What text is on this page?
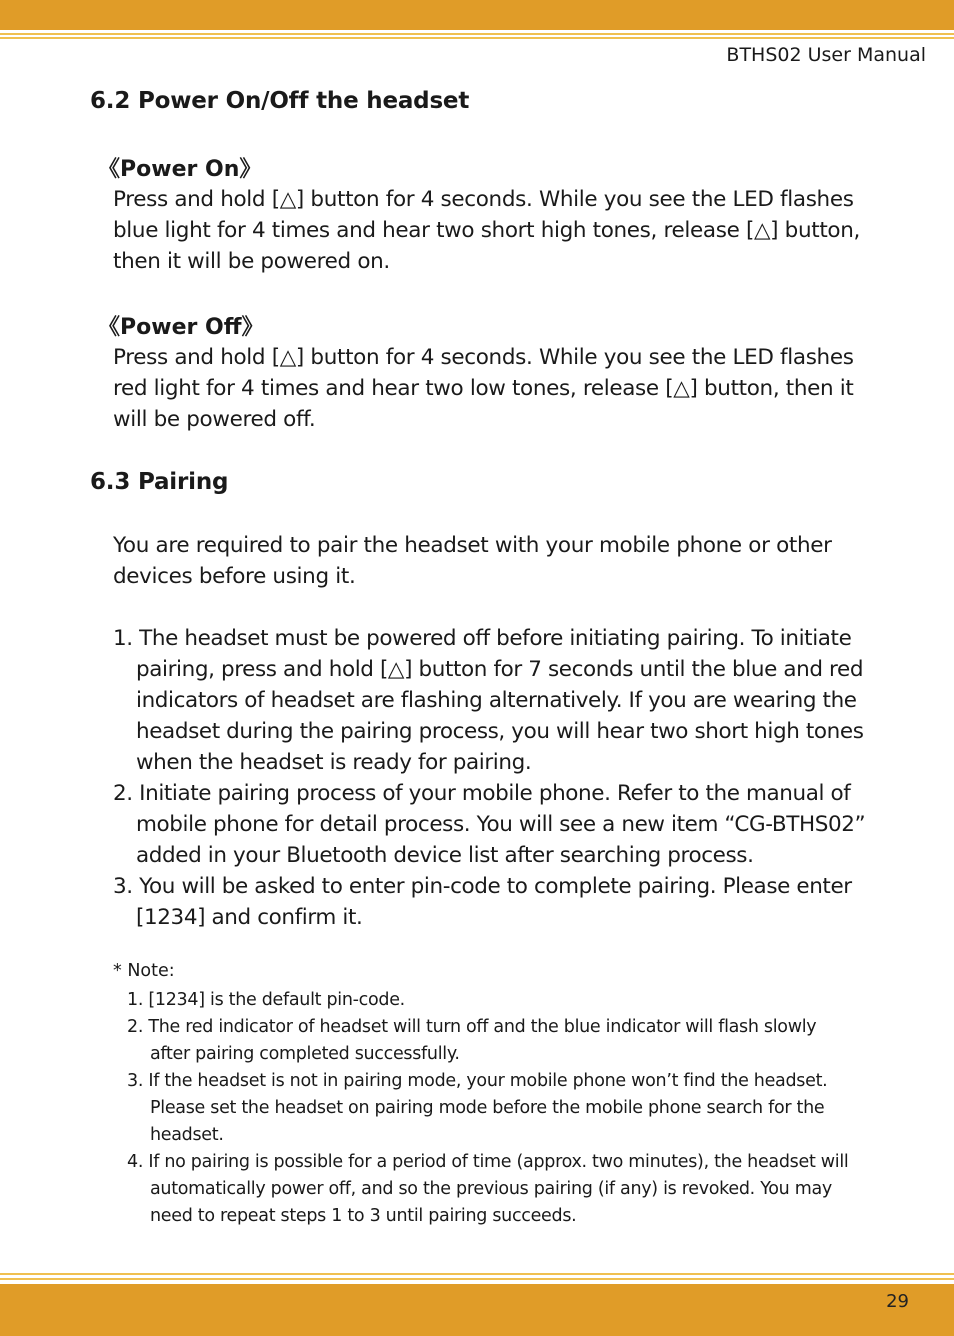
BTHS02 User Manual
6.2 Power On/Off the headset
《Power On》
Press and hold [△] button for 4 seconds. While you see the LED flashes blue light for 4 times and hear two short high tones, release [△] button, then it will be powered on.
《Power Off》
Press and hold [△] button for 4 seconds. While you see the LED flashes red light for 4 times and hear two low tones, release [△] button, then it will be powered off.
6.3 Pairing
You are required to pair the headset with your mobile phone or other devices before using it.
1. The headset must be powered off before initiating pairing. To initiate pairing, press and hold [△] button for 7 seconds until the blue and red indicators of headset are flashing alternatively. If you are wearing the headset during the pairing process, you will hear two short high tones when the headset is ready for pairing.
2. Initiate pairing process of your mobile phone. Refer to the manual of mobile phone for detail process. You will see a new item “CG-BTHS02” added in your Bluetooth device list after searching process.
3. You will be asked to enter pin-code to complete pairing. Please enter [1234] and confirm it.
* Note:
1. [1234] is the default pin-code.
2. The red indicator of headset will turn off and the blue indicator will flash slowly after pairing completed successfully.
3. If the headset is not in pairing mode, your mobile phone won’t find the headset. Please set the headset on pairing mode before the mobile phone search for the headset.
4. If no pairing is possible for a period of time (approx. two minutes), the headset will automatically power off, and so the previous pairing (if any) is revoked. You may need to repeat steps 1 to 3 until pairing succeeds.
29
